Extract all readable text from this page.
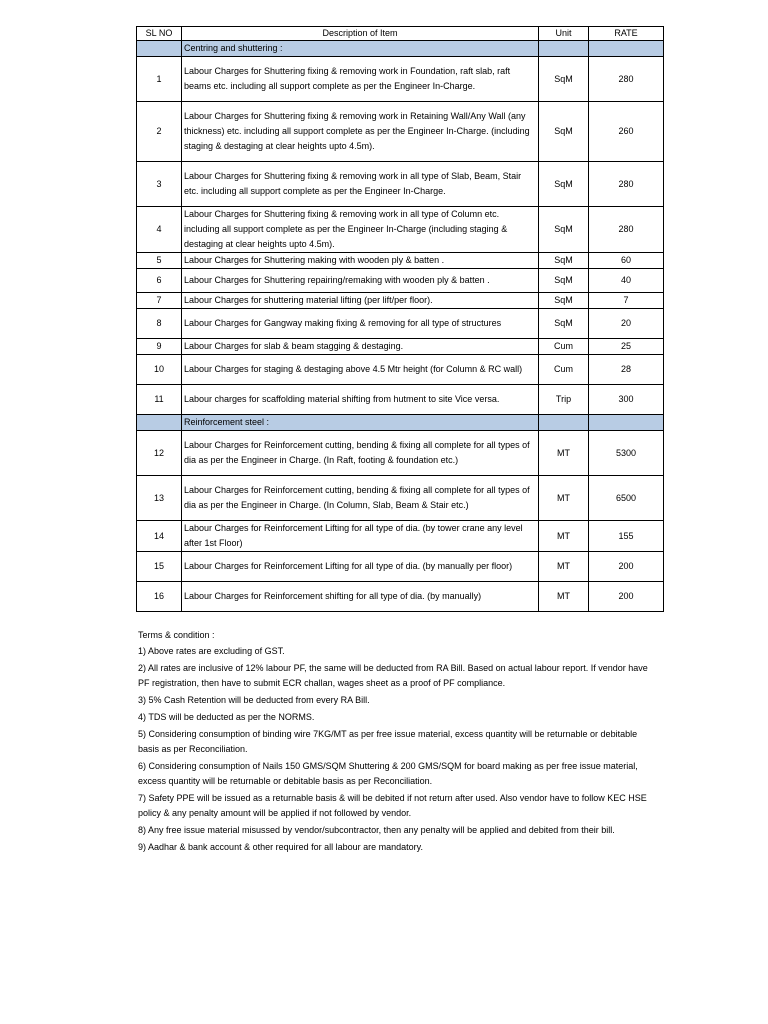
SL NO	Description of Item	Unit	RATE
	Centring and shuttering :		
1	Labour Charges for Shuttering fixing & removing work in Foundation, raft slab, raft beams etc. including all support complete as per the Engineer In-Charge.	SqM	280
2	Labour Charges for Shuttering fixing & removing work in Retaining Wall/Any Wall (any thickness) etc. including all support complete as per the Engineer In-Charge. (including staging & destaging at clear heights upto 4.5m).	SqM	260
3	Labour Charges for Shuttering fixing & removing work in all type of Slab, Beam, Stair etc. including all support complete as per the Engineer In-Charge.	SqM	280
4	Labour Charges for Shuttering fixing & removing work in all type of Column etc. including all support complete as per the Engineer In-Charge (including staging & destaging at clear heights upto 4.5m).	SqM	280
5	Labour Charges for Shuttering making with wooden ply & batten .	SqM	60
6	Labour Charges for Shuttering repairing/remaking with wooden ply & batten .	SqM	40
7	Labour Charges for shuttering material lifting (per lift/per floor).	SqM	7
8	Labour Charges for Gangway making fixing & removing for all type of structures	SqM	20
9	Labour Charges for slab & beam stagging & destaging.	Cum	25
10	Labour Charges for staging & destaging above 4.5 Mtr height (for Column & RC wall)	Cum	28
11	Labour charges for scaffolding material shifting from hutment to site Vice versa.	Trip	300
	Reinforcement steel :		
12	Labour Charges for Reinforcement cutting, bending & fixing all complete for all types of dia as per the Engineer in Charge. (In Raft, footing & foundation etc.)	MT	5300
13	Labour Charges for Reinforcement cutting, bending & fixing all complete for all types of dia as per the Engineer in Charge. (In Column, Slab, Beam & Stair etc.)	MT	6500
14	Labour Charges for Reinforcement Lifting for all type of dia. (by tower crane any level after 1st Floor)	MT	155
15	Labour Charges for Reinforcement Lifting for all type of dia. (by manually per floor)	MT	200
16	Labour Charges for Reinforcement shifting for all type of dia. (by manually)	MT	200
Terms & condition :
1) Above rates are excluding of GST.
2) All rates are inclusive of 12% labour PF, the same will be deducted from RA Bill. Based on actual labour report. If vendor have PF registration, then have to submit ECR challan, wages sheet as a proof of PF compliance.
3) 5% Cash Retention will be deducted from every RA Bill.
4) TDS will be deducted as per the NORMS.
5) Considering consumption of binding wire 7KG/MT as per free issue material, excess quantity will be returnable or debitable basis as per Reconciliation.
6) Considering consumption of Nails 150 GMS/SQM Shuttering & 200 GMS/SQM for board making as per free issue material, excess quantity will be returnable or debitable basis as per Reconciliation.
7) Safety PPE will be issued as a returnable basis & will be debited if not return after used. Also vendor have to follow KEC HSE policy & any penalty amount will be applied if not followed by vendor.
8) Any free issue material misussed by vendor/subcontractor, then any penalty will be applied and debited from their bill.
9) Aadhar & bank account & other required for all labour are mandatory.
